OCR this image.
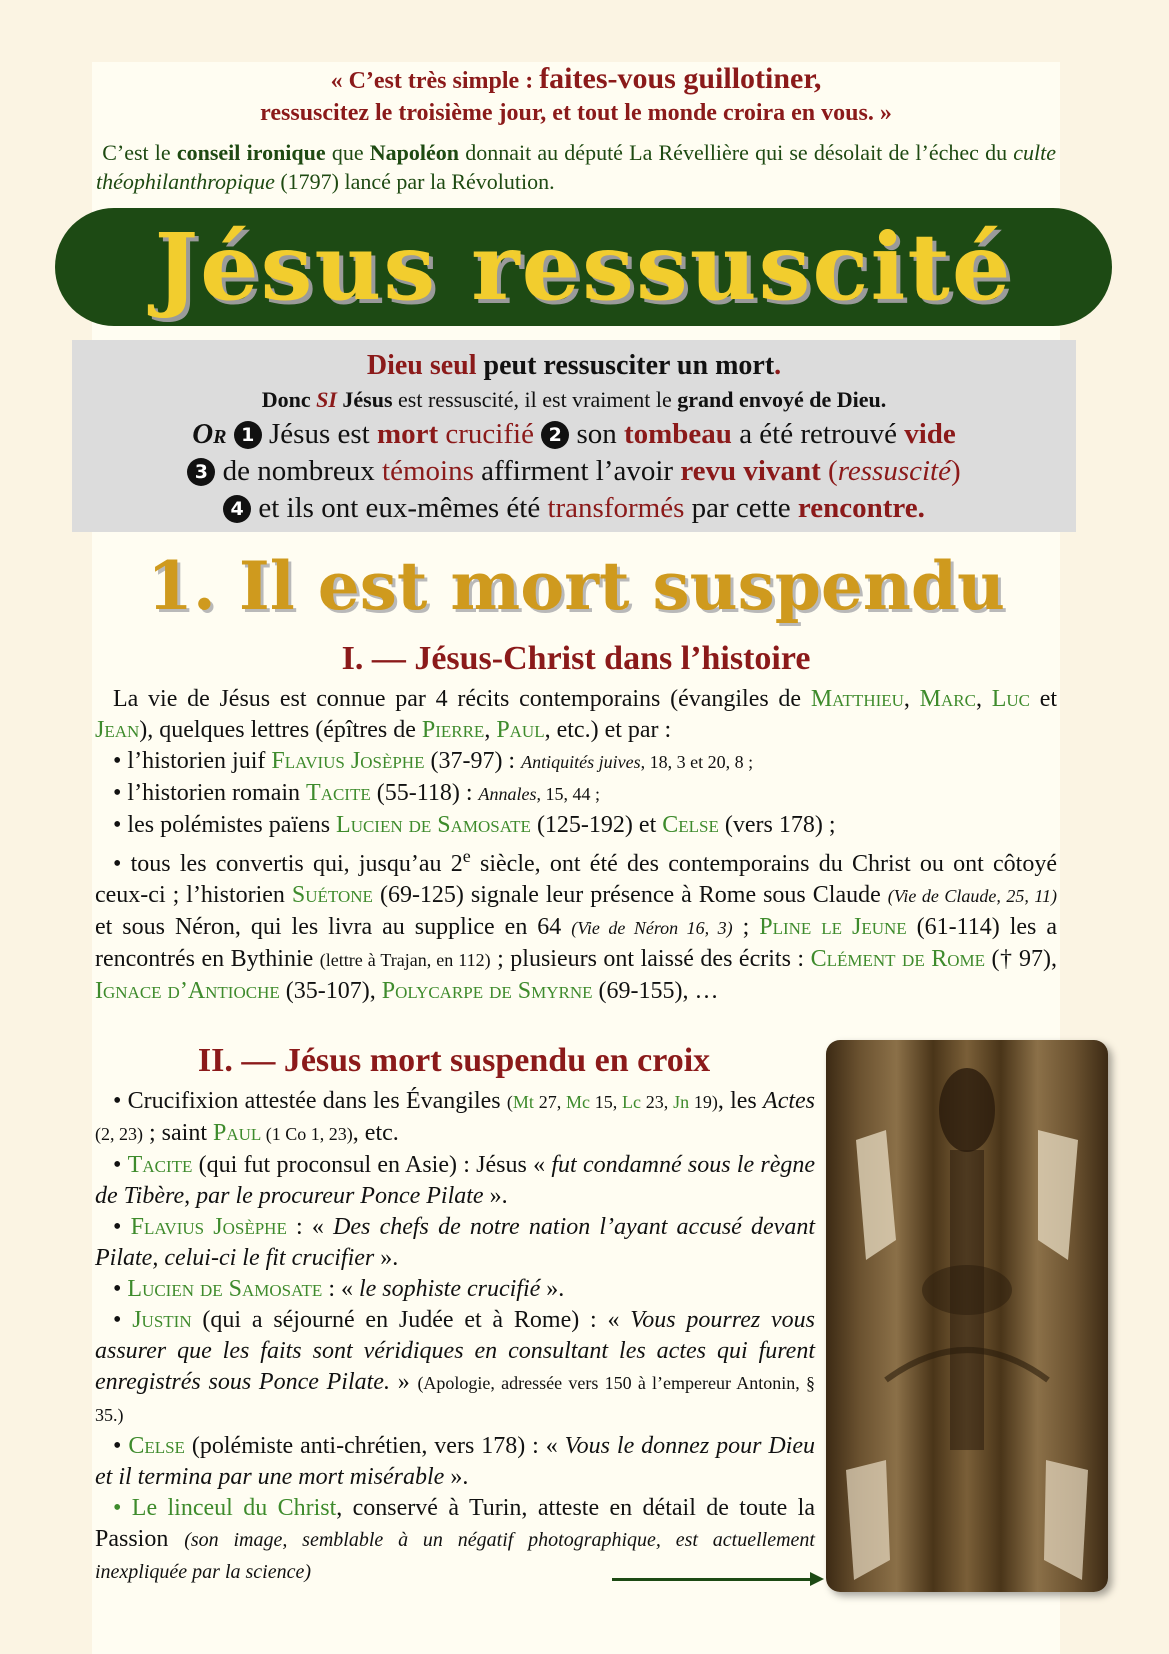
« C’est très simple : faites-vous guillotiner,
ressuscitez le troisième jour, et tout le monde croira en vous. »
C’est le conseil ironique que Napoléon donnait au député La Révellière qui se désolait de l’échec du culte théophilanthropique (1797) lancé par la Révolution.
Jésus ressuscité
Dieu seul peut ressusciter un mort.
Donc SI Jésus est ressuscité, il est vraiment le grand envoyé de Dieu.
Or 1 Jésus est mort crucifié 2 son tombeau a été retrouvé vide
3 de nombreux témoins affirment l’avoir revu vivant (ressuscité)
4 et ils ont eux-mêmes été transformés par cette rencontre.
1. Il est mort suspendu
I. — Jésus-Christ dans l’histoire

La vie de Jésus est connue par 4 récits contemporains (évangiles de Matthieu, Marc, Luc et Jean), quelques lettres (épîtres de Pierre, Paul, etc.) et par :

• l’historien juif Flavius Josèphe (37-97) : Antiquités juives, 18, 3 et 20, 8 ;

• l’historien romain Tacite (55-118) : Annales, 15, 44 ;

• les polémistes païens Lucien de Samosate (125-192) et Celse (vers 178) ;

• tous les convertis qui, jusqu’au 2e siècle, ont été des contemporains du Christ ou ont côtoyé ceux-ci ; l’historien Suétone (69-125) signale leur présence à Rome sous Claude (Vie de Claude, 25, 11) et sous Néron, qui les livra au supplice en 64 (Vie de Néron 16, 3) ; Pline le Jeune (61-114) les a rencontrés en Bythinie (lettre à Trajan, en 112) ; plusieurs ont laissé des écrits : Clément de Rome († 97), Ignace d’Antioche (35-107), Polycarpe de Smyrne (69-155), …

II. — Jésus mort suspendu en croix

• Crucifixion attestée dans les Évangiles (Mt 27, Mc 15, Lc 23, Jn 19), les Actes (2, 23) ; saint Paul (1 Co 1, 23), etc.

• Tacite (qui fut proconsul en Asie) : Jésus « fut condamné sous le règne de Tibère, par le procureur Ponce Pilate ».

• Flavius Josèphe : « Des chefs de notre nation l’ayant accusé devant Pilate, celui-ci le fit crucifier ».

• Lucien de Samosate : « le sophiste crucifié ».

• Justin (qui a séjourné en Judée et à Rome) : « Vous pourrez vous assurer que les faits sont véridiques en consultant les actes qui furent enregistrés sous Ponce Pilate. » (Apologie, adressée vers 150 à l’empereur Antonin, § 35.)

• Celse (polémiste anti-chrétien, vers 178) : « Vous le donnez pour Dieu et il termina par une mort misérable ».

• Le linceul du Christ, conservé à Turin, atteste en détail de toute la Passion (son image, semblable à un négatif photographique, est actuellement inexpliquée par la science)
